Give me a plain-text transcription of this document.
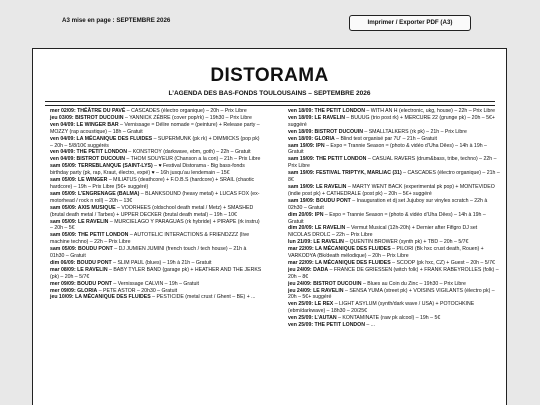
A3 mise en page : SEPTEMBRE 2026	Imprimer / Exporter PDF (A3)
DISTORAMA
L’AGENDA DES BAS-FONDS TOULOUSAINS – SEPTEMBRE 2026

mer 02/09: THÉÂTRE DU PAVÉ – CASCADES (électro organique) – 20h – Prix Libre

jeu 03/09: BISTROT DUCOUIN – YANNICK ZÉBRE (cover pop/rk) – 19h30 – Prix Libre

ven 04/09: LE WINGER BAR – Vernissage ≈ Délire nomade ≈ (peinture) + Release party – MOZZY (rap acoustique) – 18h – Gratuit

ven 04/09: LA MÉCANIQUE DES FLUIDES – SUPERMUNK (pk rk) + DIMMICKS (pop pk) – 20h – 5/8/10€ suggérés

ven 04/09: THE PETIT LONDON – KONSTROY (darkwave, ebm, goth) – 22h – Gratuit

ven 04/09: BISTROT DUCOUIN – THOM SOUYEUR (Chanson a la con) – 21h – Prix Libre

sam 05/09: TERREBLANQUE (SAINT-LYS) – ♥ Festival Distorama - Big bass-fonds birthday party (pk, rap, Kraut, électro, expé) ♥ – 16h jusqu’au lendemain – 15€

sam 05/09: LE WINGER – MILIATUS (deathcore) + F.O.B.S (hardcore) + SRAIL (chaotic hardcore) – 19h – Prix Libre (5€+ suggéré)

sam 05/09: L’ENGRENAGE (BALMA) – BLANKSOUND (heavy metal) + LUCAS FOX (ex-motorhead / rock n roll) – 20h – 13€

sam 05/09: AXIS MUSIQUE – VOORHEES (oldschool death metal / Metz) + SMASHED (brutal death metal / Tarbes) + UPPER DECKER (brutal death metal) – 19h – 10€

sam 05/09: LE RAVELIN – MURCIELAGO Y PARAGUAS (rk hybride) + PIRAPE (rk instru) – 20h – 5€

sam 05/09: THE PETIT LONDON – AUTOTELIC INTERACTIONS & FRIENDZZZ (live machine techno) – 22h – Prix Libre

sam 05/09: BOUDU PONT – DJ JUMIEN JUMINI (french touch / tech house) – 21h à 01h30 – Gratuit

dim 06/09: BOUDU PONT – SLIM PAUL (blues) – 19h à 21h – Gratuit

mar 08/09: LE RAVELIN – BABY TYLER BAND (garage pk) + HEATHER AND THE JERKS (pk) – 20h – 5/7€

mer 09/09: BOUDU PONT – Vernissage CALVIN – 19h – Gratuit

mer 09/09: GLORIA – PETE ASTOR – 20h30 – Gratuit

jeu 10/09: LA MÉCANIQUE DES FLUIDES – PESTICIDE (metal crust / Ghent – BE) + ...

ven 18/09: THE PETIT LONDON – WITH AN H (electronic, ukg, house) – 22h – Prix Libre

ven 18/09: LE RAVELIN – BUUUG (trio post rk) + MERCURE 22 (grunge pk) – 20h – 5€+ suggéré

ven 18/09: BISTROT DUCOUIN – SMALLTALKERS (rk pk) – 21h – Prix Libre

ven 18/09: GLORIA – Blind test organisé par 7U' – 21h – Gratuit

sam 19/09: IPN – Expo ≈ Trannie Season ≈ (photo & vidéo d’Uha Dêes) – 14h à 19h – Gratuit

sam 19/09: THE PETIT LONDON – CASUAL RAVERS (drum&bass, tribe, techno) – 22h – Prix Libre

sam 19/09: FESTIVAL TRIPTYK, MARLIAC (31) – CASCADES (électro organique) – 21h – 8€

sam 19/09: LE RAVELIN – MARTY WENT BACK (experimental pk pop) + MONTEVIDEO (indie post pk) + CATHEDRALE (post pk) – 20h – 5€+ suggéré

sam 19/09: BOUDU PONT – Inauguration et dj set Jujuboy sur vinyles scratch – 22h à 02h30 – Gratuit

dim 20/09: IPN – Expo ≈ Trannie Season ≈ (photo & vidéo d’Uha Dêes) – 14h à 19h – Gratuit

dim 20/09: LE RAVELIN – Vermut Musical (12h-20h) + Dernier after Fifigro DJ set NICOLAS DROLC – 22h – Prix Libre

lun 21/09: LE RAVELIN – QUENTIN BROWER (synth pk) + TBD – 20h – 5/7€

mar 22/09: LA MÉCANIQUE DES FLUIDES – PILORI (Bk hxc crust death, Rouen) + VARKODYA (Bk/death mélodique) – 20h – Prix Libre

mar 22/09: LA MÉCANIQUE DES FLUIDES – SCOOP (pk hxc, CZ) + Guest – 20h – 5/7€

jeu 24/09: DADA – FRANCE DE GRIESSEN (witch folk) + FRANK RABEYROLLES (folk) – 20h – 8€

jeu 24/09: BISTROT DUCOUIN – Blues au Coin du Zinc – 19h30 – Prix Libre

jeu 24/09: LE RAVELIN – SENSA YUMA (street pk) + VOISINS VIGILANTS (électro pk) – 20h – 5€+ suggéré

ven 25/09: LE REX – LIGHT ASYLUM (synth/dark wave / USA) + POTOCHKINE (ebm/darkwave) – 18h30 – 20/25€

ven 25/09: L’AUTAN – KONTAMINATE (raw pk alcool) – 19h – 5€

ven 25/09: THE PETIT LONDON – ...
